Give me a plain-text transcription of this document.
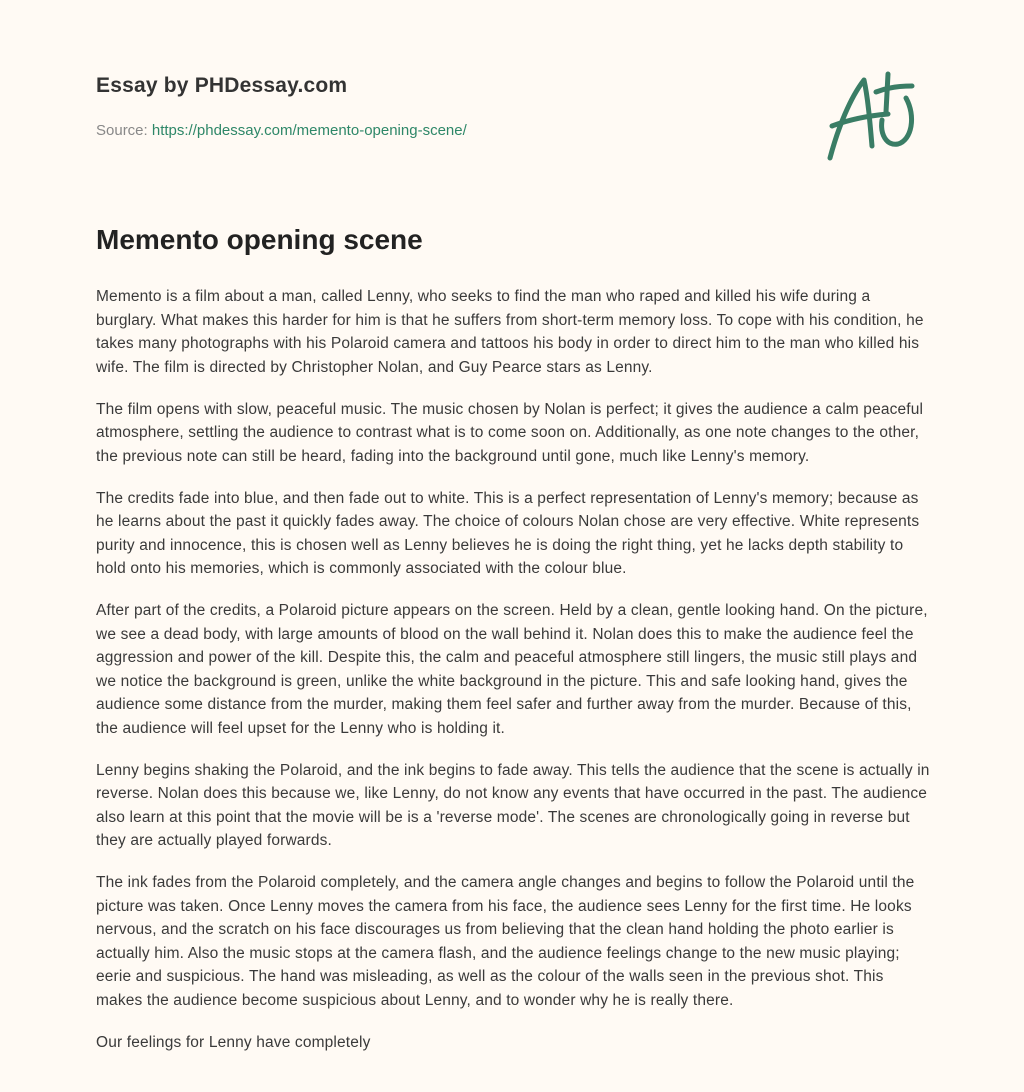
Essay by PHDessay.com
Source: https://phdessay.com/memento-opening-scene/
Memento opening scene

Memento is a film about a man, called Lenny, who seeks to find the man who raped and killed his wife during a burglary. What makes this harder for him is that he suffers from short-term memory loss. To cope with his condition, he takes many photographs with his Polaroid camera and tattoos his body in order to direct him to the man who killed his wife. The film is directed by Christopher Nolan, and Guy Pearce stars as Lenny.

The film opens with slow, peaceful music. The music chosen by Nolan is perfect; it gives the audience a calm peaceful atmosphere, settling the audience to contrast what is to come soon on. Additionally, as one note changes to the other, the previous note can still be heard, fading into the background until gone, much like Lenny's memory.

The credits fade into blue, and then fade out to white. This is a perfect representation of Lenny's memory; because as he learns about the past it quickly fades away. The choice of colours Nolan chose are very effective. White represents purity and innocence, this is chosen well as Lenny believes he is doing the right thing, yet he lacks depth stability to hold onto his memories, which is commonly associated with the colour blue.

After part of the credits, a Polaroid picture appears on the screen. Held by a clean, gentle looking hand. On the picture, we see a dead body, with large amounts of blood on the wall behind it. Nolan does this to make the audience feel the aggression and power of the kill. Despite this, the calm and peaceful atmosphere still lingers, the music still plays and we notice the background is green, unlike the white background in the picture. This and safe looking hand, gives the audience some distance from the murder, making them feel safer and further away from the murder. Because of this, the audience will feel upset for the Lenny who is holding it.

Lenny begins shaking the Polaroid, and the ink begins to fade away. This tells the audience that the scene is actually in reverse. Nolan does this because we, like Lenny, do not know any events that have occurred in the past. The audience also learn at this point that the movie will be is a 'reverse mode'. The scenes are chronologically going in reverse but they are actually played forwards.

The ink fades from the Polaroid completely, and the camera angle changes and begins to follow the Polaroid until the picture was taken. Once Lenny moves the camera from his face, the audience sees Lenny for the first time. He looks nervous, and the scratch on his face discourages us from believing that the clean hand holding the photo earlier is actually him. Also the music stops at the camera flash, and the audience feelings change to the new music playing; eerie and suspicious. The hand was misleading, as well as the colour of the walls seen in the previous shot. This makes the audience become suspicious about Lenny, and to wonder why he is really there.

Our feelings for Lenny have completely
